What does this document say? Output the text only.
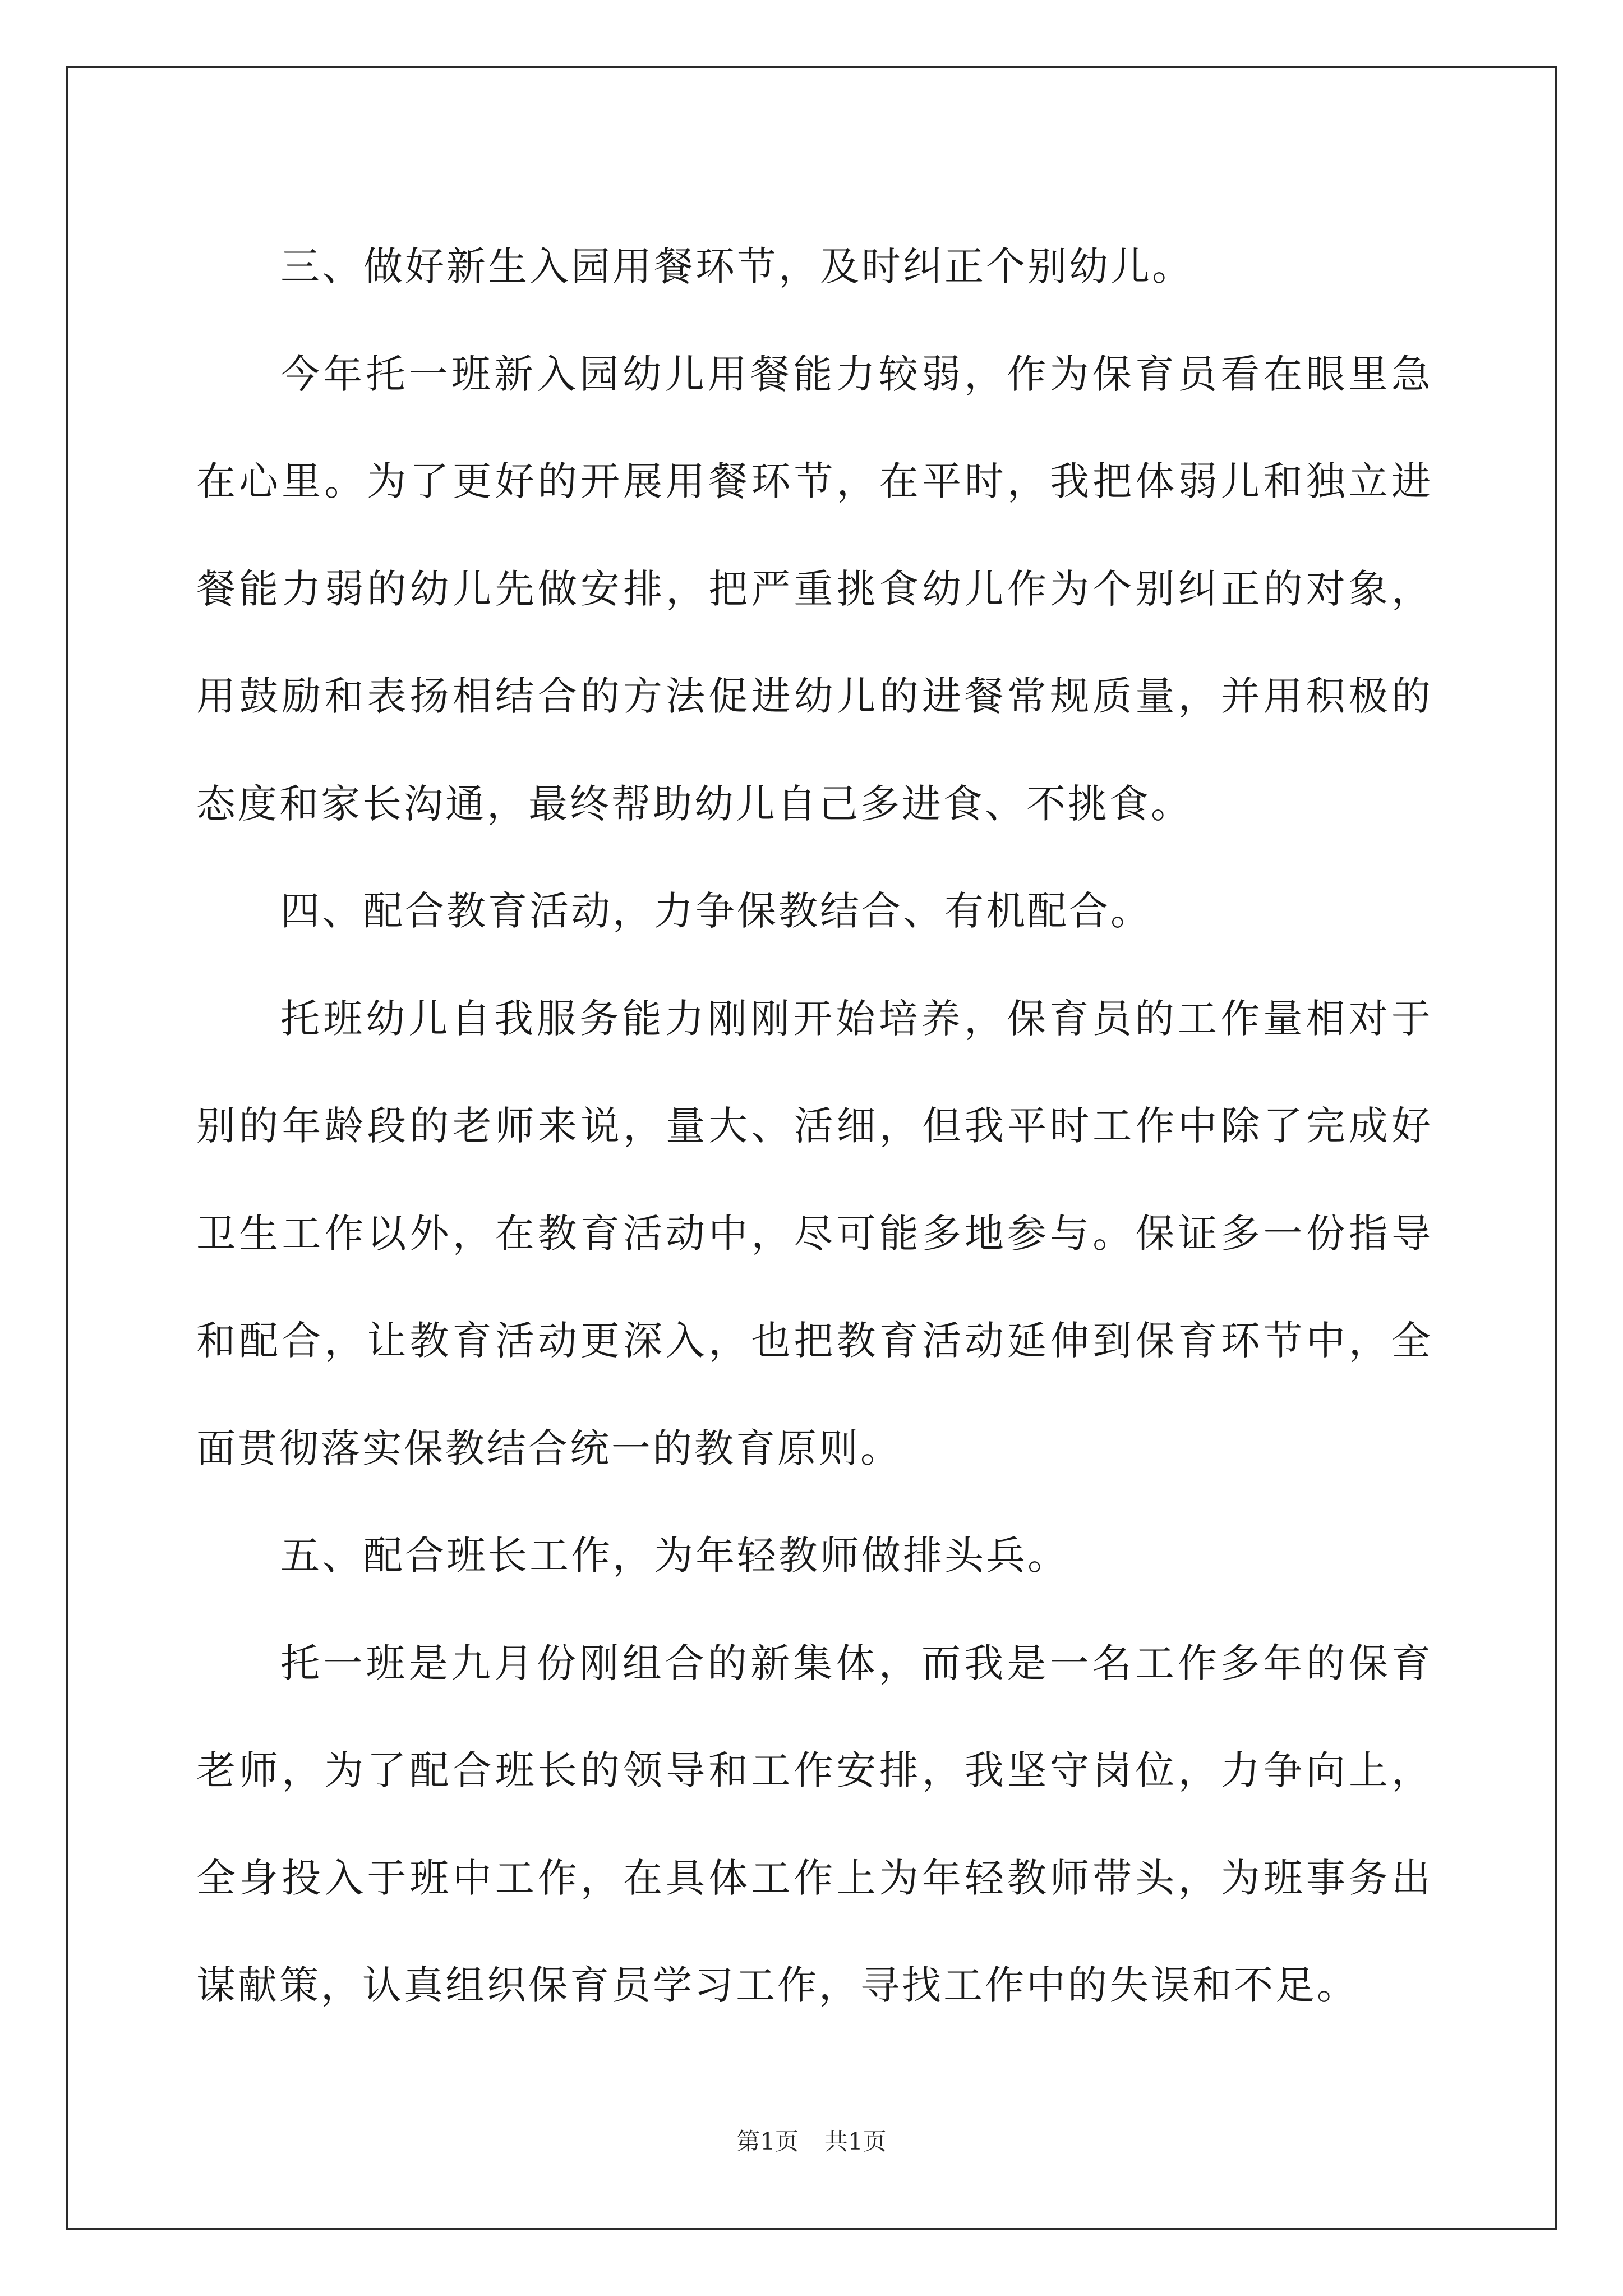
三、做好新生入园用餐环节，及时纠正个别幼儿。

今年托一班新入园幼儿用餐能力较弱，作为保育员看在眼里急在心里。为了更好的开展用餐环节，在平时，我把体弱儿和独立进餐能力弱的幼儿先做安排，把严重挑食幼儿作为个别纠正的对象，用鼓励和表扬相结合的方法促进幼儿的进餐常规质量，并用积极的态度和家长沟通，最终帮助幼儿自己多进食、不挑食。

四、配合教育活动，力争保教结合、有机配合。

托班幼儿自我服务能力刚刚开始培养，保育员的工作量相对于别的年龄段的老师来说，量大、活细，但我平时工作中除了完成好卫生工作以外，在教育活动中，尽可能多地参与。保证多一份指导和配合，让教育活动更深入，也把教育活动延伸到保育环节中，全面贯彻落实保教结合统一的教育原则。

五、配合班长工作，为年轻教师做排头兵。

托一班是九月份刚组合的新集体，而我是一名工作多年的保育老师，为了配合班长的领导和工作安排，我坚守岗位，力争向上，全身投入于班中工作，在具体工作上为年轻教师带头，为班事务出谋献策，认真组织保育员学习工作，寻找工作中的失误和不足。

第1页 共1页
